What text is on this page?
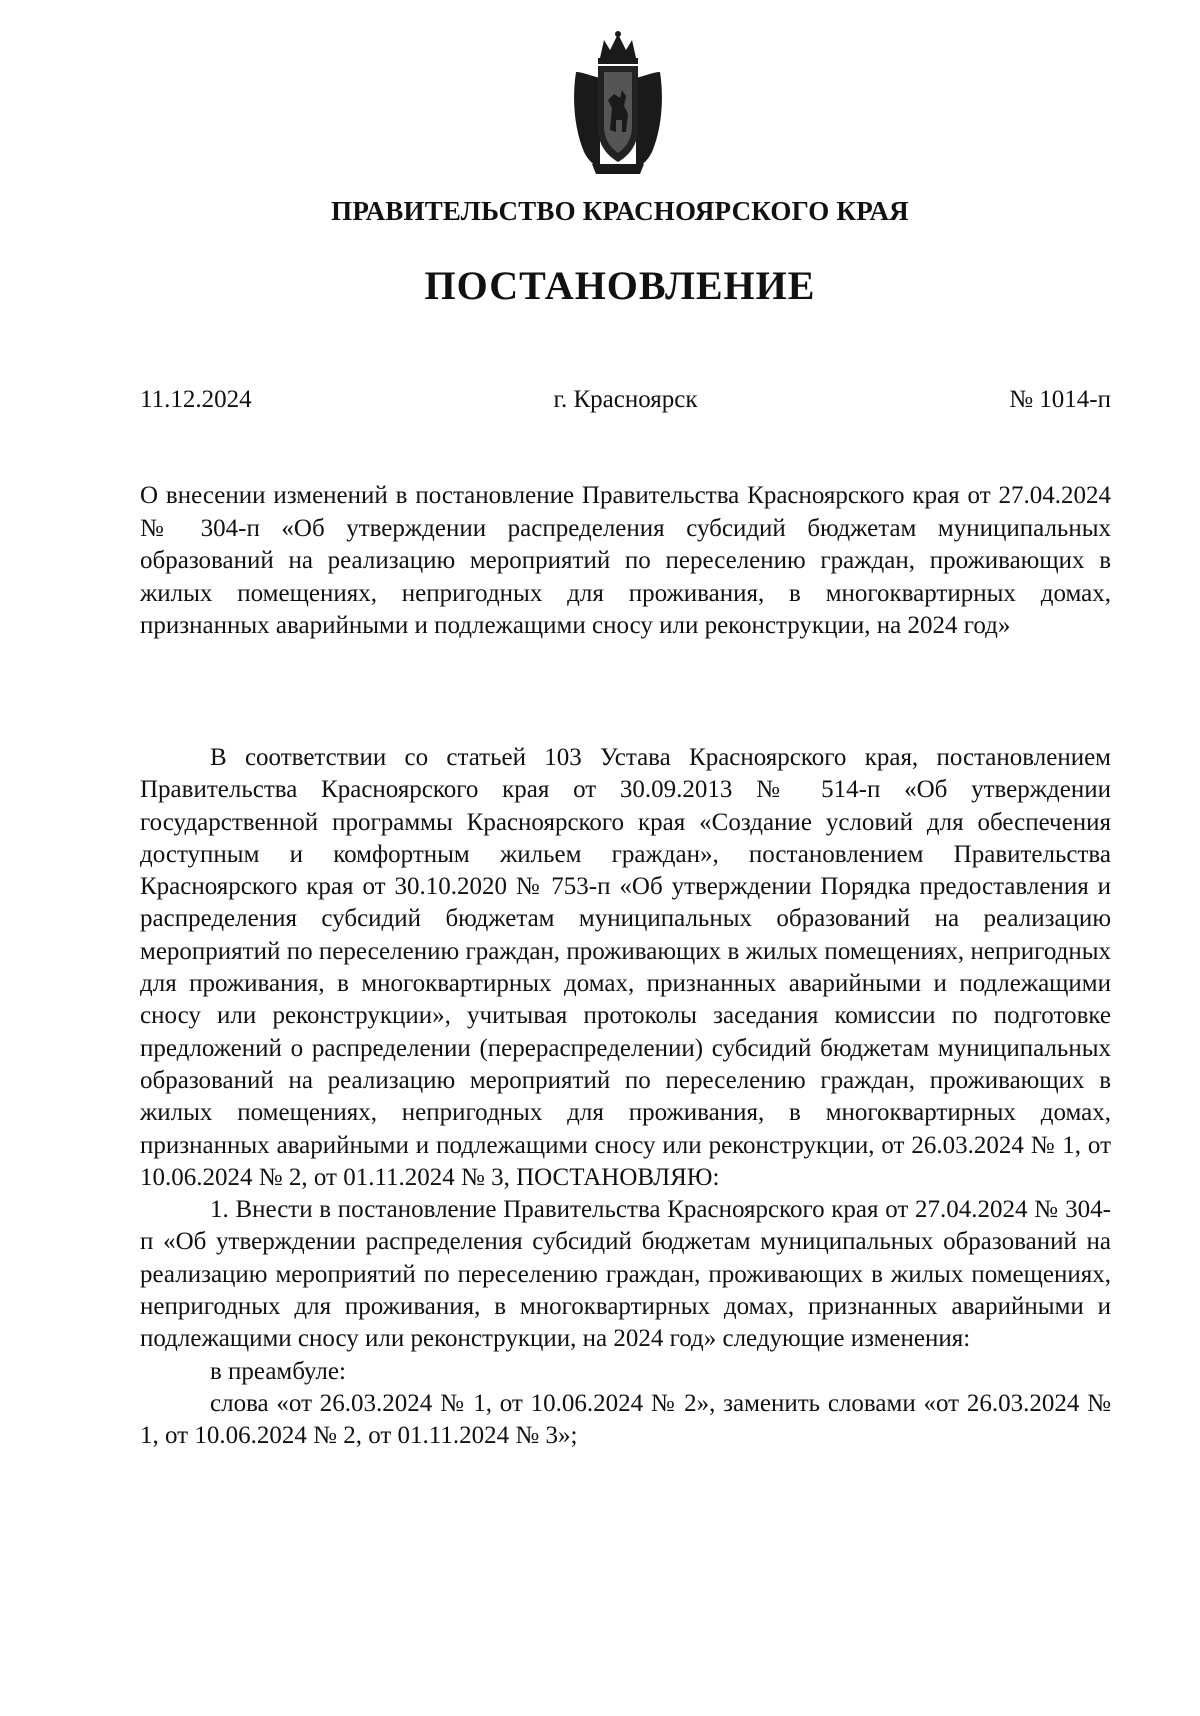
ПРАВИТЕЛЬСТВО КРАСНОЯРСКОГО КРАЯ
ПОСТАНОВЛЕНИЕ
11.12.2024	г. Красноярск	№ 1014-п
О внесении изменений в постановление Правительства Красноярского края от 27.04.2024 № 304-п «Об утверждении распределения субсидий бюджетам муниципальных образований на реализацию мероприятий по переселению граждан, проживающих в жилых помещениях, непригодных для проживания, в многоквартирных домах, признанных аварийными и подлежащими сносу или реконструкции, на 2024 год»

В соответствии со статьей 103 Устава Красноярского края, постановлением Правительства Красноярского края от 30.09.2013 № 514-п «Об утверждении государственной программы Красноярского края «Создание условий для обеспечения доступным и комфортным жильем граждан», постановлением Правительства Красноярского края от 30.10.2020 № 753-п «Об утверждении Порядка предоставления и распределения субсидий бюджетам муниципальных образований на реализацию мероприятий по переселению граждан, проживающих в жилых помещениях, непригодных для проживания, в многоквартирных домах, признанных аварийными и подлежащими сносу или реконструкции», учитывая протоколы заседания комиссии по подготовке предложений о распределении (перераспределении) субсидий бюджетам муниципальных образований на реализацию мероприятий по переселению граждан, проживающих в жилых помещениях, непригодных для проживания, в многоквартирных домах, признанных аварийными и подлежащими сносу или реконструкции, от 26.03.2024 № 1, от 10.06.2024 № 2, от 01.11.2024 № 3, ПОСТАНОВЛЯЮ:

1. Внести в постановление Правительства Красноярского края от 27.04.2024 № 304-п «Об утверждении распределения субсидий бюджетам муниципальных образований на реализацию мероприятий по переселению граждан, проживающих в жилых помещениях, непригодных для проживания, в многоквартирных домах, признанных аварийными и подлежащими сносу или реконструкции, на 2024 год» следующие изменения:

в преамбуле:

слова «от 26.03.2024 № 1, от 10.06.2024 № 2», заменить словами «от 26.03.2024 № 1, от 10.06.2024 № 2, от 01.11.2024 № 3»;
